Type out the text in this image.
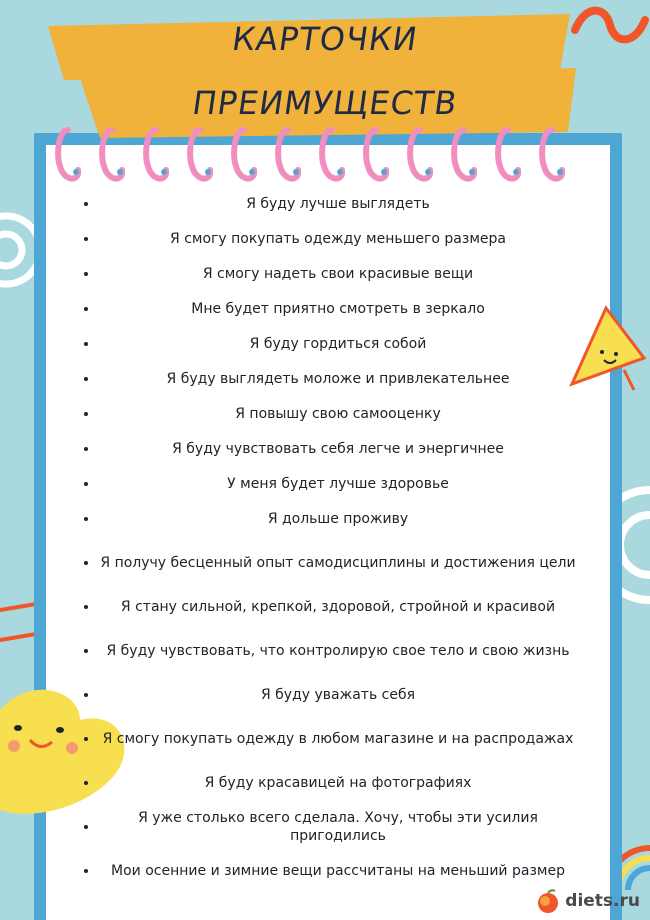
КАРТОЧКИ
ПРЕИМУЩЕСТВ
Я буду лучше выглядеть
Я смогу покупать одежду меньшего размера
Я смогу надеть свои красивые вещи
Мне будет приятно смотреть в зеркало
Я буду гордиться собой
Я буду выглядеть моложе и привлекательнее
Я повышу свою самооценку
Я буду чувствовать себя легче и энергичнее
У меня будет лучше здоровье
Я дольше проживу
Я получу бесценный опыт самодисциплины и достижения цели
Я стану сильной, крепкой, здоровой, стройной и красивой
Я буду чувствовать, что контролирую свое тело и свою жизнь
Я буду уважать себя
Я смогу покупать одежду в любом магазине и на распродажах
Я буду красавицей на фотографиях
Я уже столько всего сделала. Хочу, чтобы эти усилия пригодились
Мои осенние и зимние вещи рассчитаны на меньший размер
diets.ru
